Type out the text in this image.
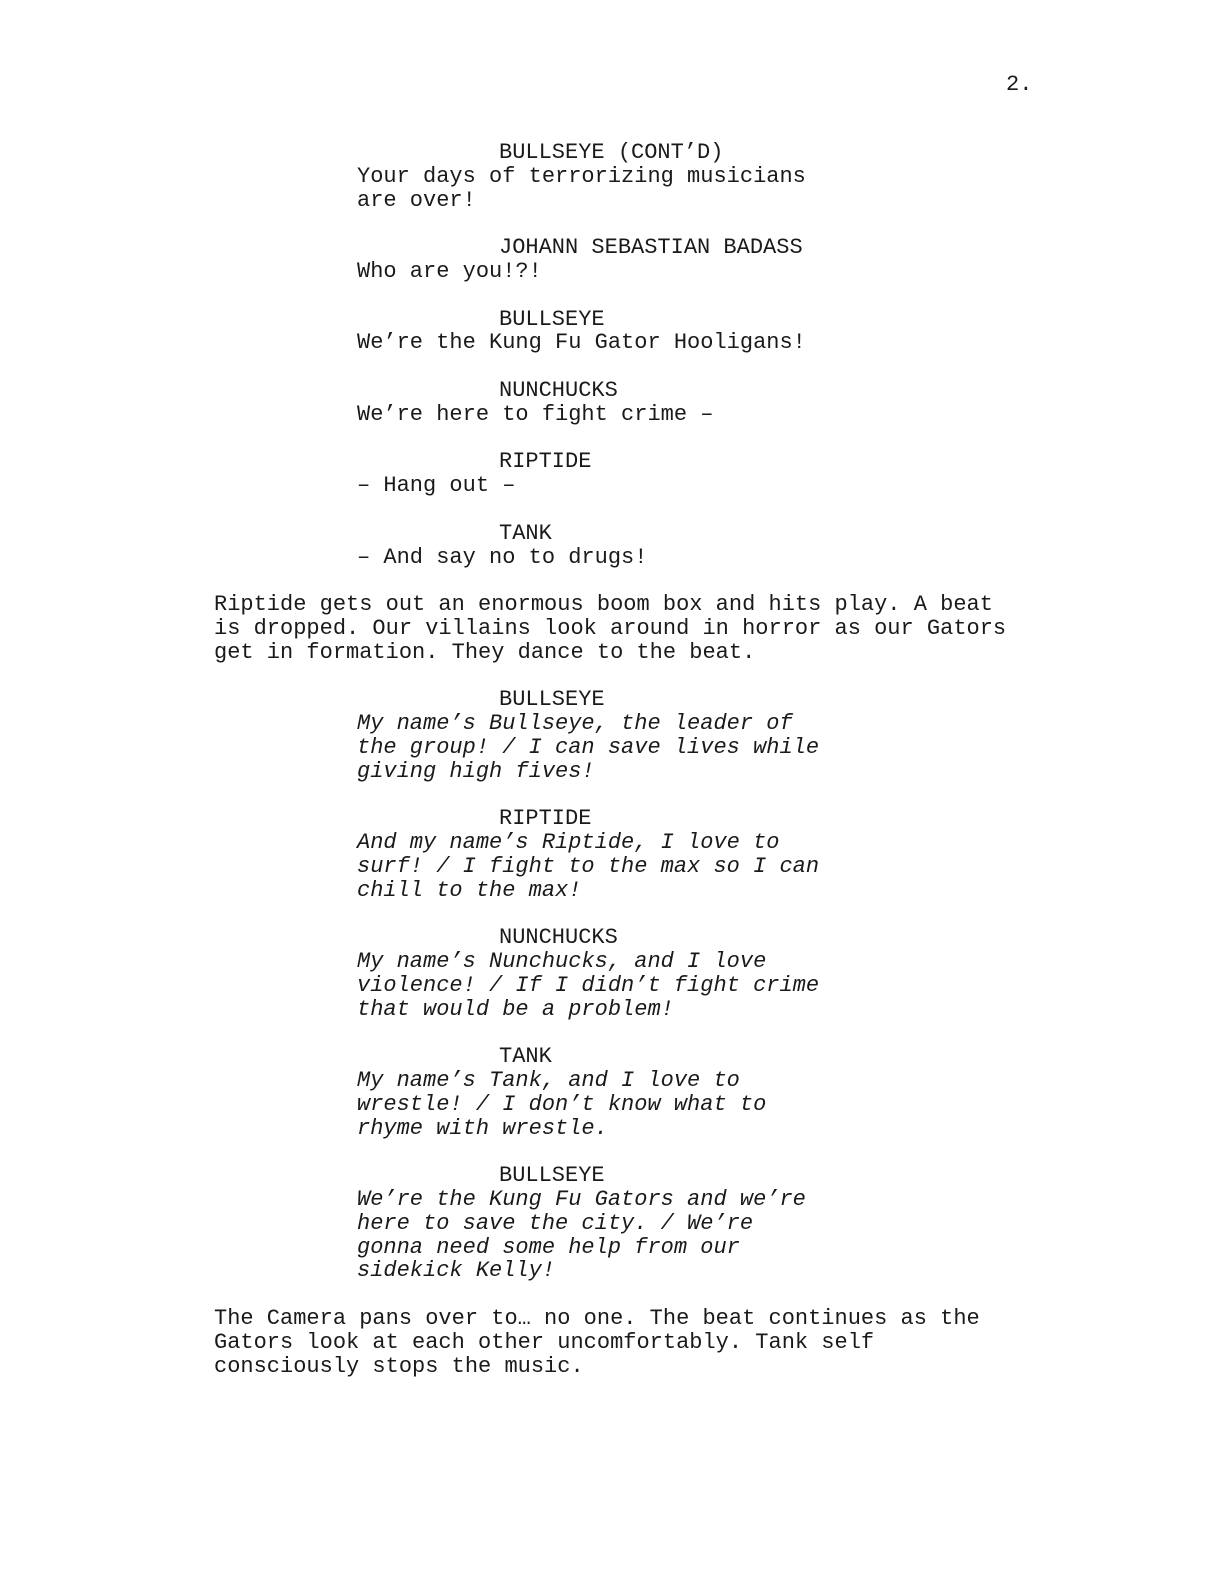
2.
BULLSEYE (CONT’D)
Your days of terrorizing musicians
are over!
JOHANN SEBASTIAN BADASS
Who are you!?!
BULLSEYE
We’re the Kung Fu Gator Hooligans!
NUNCHUCKS
We’re here to fight crime –
RIPTIDE
– Hang out –
TANK
– And say no to drugs!
Riptide gets out an enormous boom box and hits play. A beat
is dropped. Our villains look around in horror as our Gators
get in formation. They dance to the beat.
BULLSEYE
My name’s Bullseye, the leader of
the group! / I can save lives while
giving high fives!
RIPTIDE
And my name’s Riptide, I love to
surf! / I fight to the max so I can
chill to the max!
NUNCHUCKS
My name’s Nunchucks, and I love
violence! / If I didn’t fight crime
that would be a problem!
TANK
My name’s Tank, and I love to
wrestle! / I don’t know what to
rhyme with wrestle.
BULLSEYE
We’re the Kung Fu Gators and we’re
here to save the city. / We’re
gonna need some help from our
sidekick Kelly!
The Camera pans over to… no one. The beat continues as the
Gators look at each other uncomfortably. Tank self
consciously stops the music.
